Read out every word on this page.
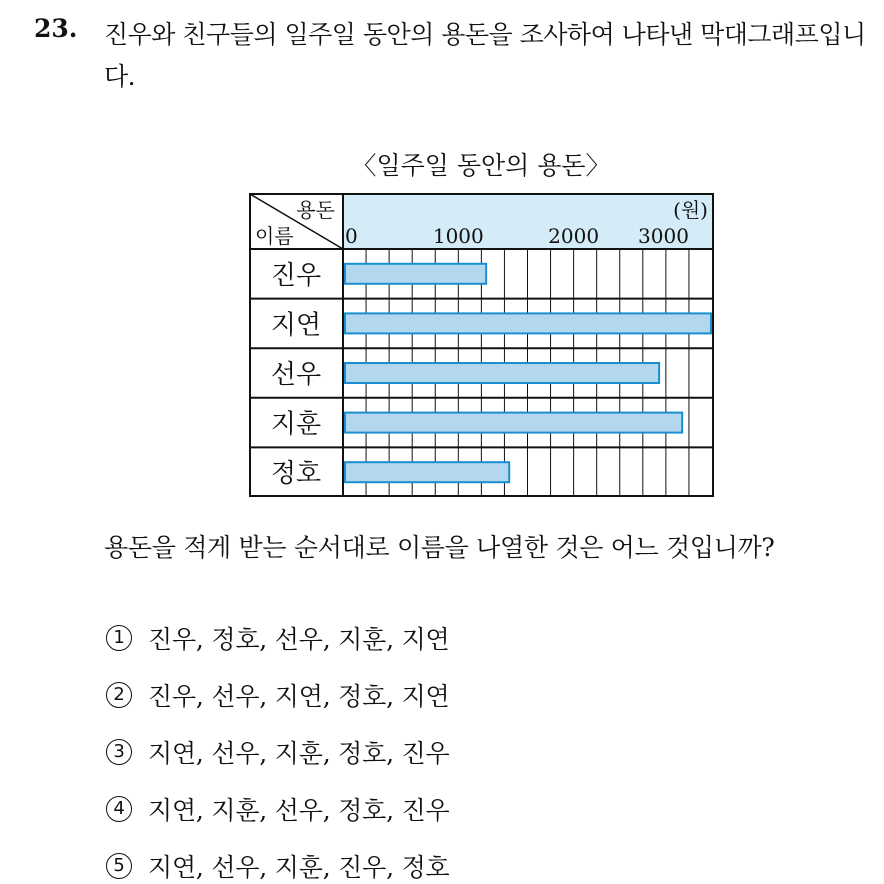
23. 진우와 친구들의 일주일 동안의 용돈을 조사하여 나타낸 막대그래프입니다.
〈일주일 동안의 용돈〉
용돈
이름
(원)
0	1000	2000 3000
진우
지연
선우
지훈
정호
용돈을 적게 받는 순서대로 이름을 나열한 것은 어느 것입니까?
1 진우, 정호, 선우, 지훈, 지연
2 진우, 선우, 지연, 정호, 지연
3 지연, 선우, 지훈, 정호, 진우
4 지연, 지훈, 선우, 정호, 진우
5 지연, 선우, 지훈, 진우, 정호
